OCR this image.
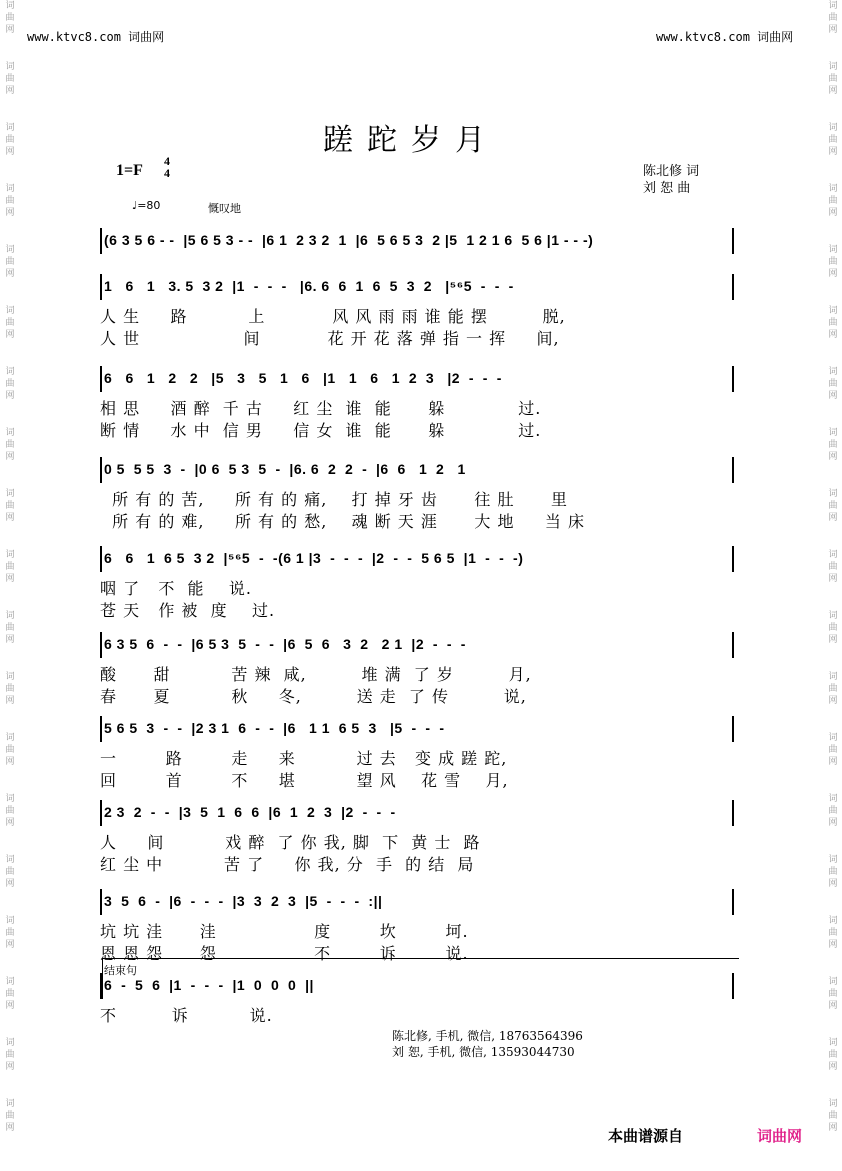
词
曲
网
词
曲
网
词
曲
网
词
曲
网
词
曲
网
词
曲
网
词
曲
网
词
曲
网
词
曲
网
词
曲
网
词
曲
网
词
曲
网
词
曲
网
词
曲
网
词
曲
网
词
曲
网
词
曲
网
词
曲
网
词
曲
网
词
曲
网
词
曲
网
词
曲
网
词
曲
网
词
曲
网
词
曲
网
词
曲
网
词
曲
网
词
曲
网
词
曲
网
词
曲
网
词
曲
网
词
曲
网
词
曲
网
词
曲
网
词
曲
网
词
曲
网
词
曲
网
词
曲
网
www.ktvc8.com 词曲网	www.ktvc8.com 词曲网
蹉跎岁月
1=F
4
4
♩=80	慨叹地
陈北修 词
刘 恕 曲
(6 3 5 6 - -  |5 6 5 3 - -  |6 1  2 3 2  1  |6  5 6 5 3  2 |5  1 2 1 6  5 6 |1 - - -)
1   6   1   3. 5  3 2  |1  -  -  -   |6. 6  6  1  6  5  3  2   |⁵⁶5  -  -  -
人 生     路          上           风 风 雨 雨 谁 能 摆         脱,
人 世                 间           花 开 花 落 弹 指 一 挥     间,
6   6   1   2   2   |5   3   5   1   6   |1   1   6   1  2  3   |2  -  -  -
相 思     酒 醉  千 古     红 尘  谁  能      躲            过.
断 情     水 中  信 男     信 女  谁  能      躲            过.
0 5  5 5  3  -  |0 6  5 3  5  -  |6. 6  2  2  -  |6  6   1  2   1
所 有 的 苦,     所 有 的 痛,    打 掉 牙 齿      往 肚      里
所 有 的 难,     所 有 的 愁,    魂 断 天 涯      大 地     当 床
6   6   1  6 5  3 2  |⁵⁶5  -  -(6 1 |3  -  -  -  |2  -  -  5 6 5  |1  -  -  -)
咽 了   不  能    说.
苍 天   作 被  度    过.
6 3 5  6  -  -  |6 5 3  5  -  -  |6  5  6   3  2   2 1  |2  -  -  -
酸      甜          苦 辣  咸,         堆 满  了 岁         月,
春      夏          秋     冬,         送 走  了 传         说,
5 6 5  3  -  -  |2 3 1  6  -  -  |6   1 1  6 5  3   |5  -  -  -
一        路        走     来          过 去   变 成 蹉 跎,
回        首        不     堪          望 风    花 雪    月,
2 3  2  -  -  |3  5  1  6  6  |6  1  2  3  |2  -  -  -
人     间          戏 醉  了 你 我, 脚  下  黄 士  路
红 尘 中          苦 了     你 我, 分  手  的 结  局
3  5  6  -  |6  -  -  -  |3  3  2  3  |5  -  -  -  :||
坑 坑 洼      洼                度        坎        坷.
恩 恩 怨      怨                不        诉        说.
6  -  5  6  |1  -  -  -  |1  0  0  0  ||
不         诉          说.
结束句
陈北修, 手机, 微信, 18763564396
刘 恕, 手机, 微信, 13593044730
本曲谱源自	词曲网
